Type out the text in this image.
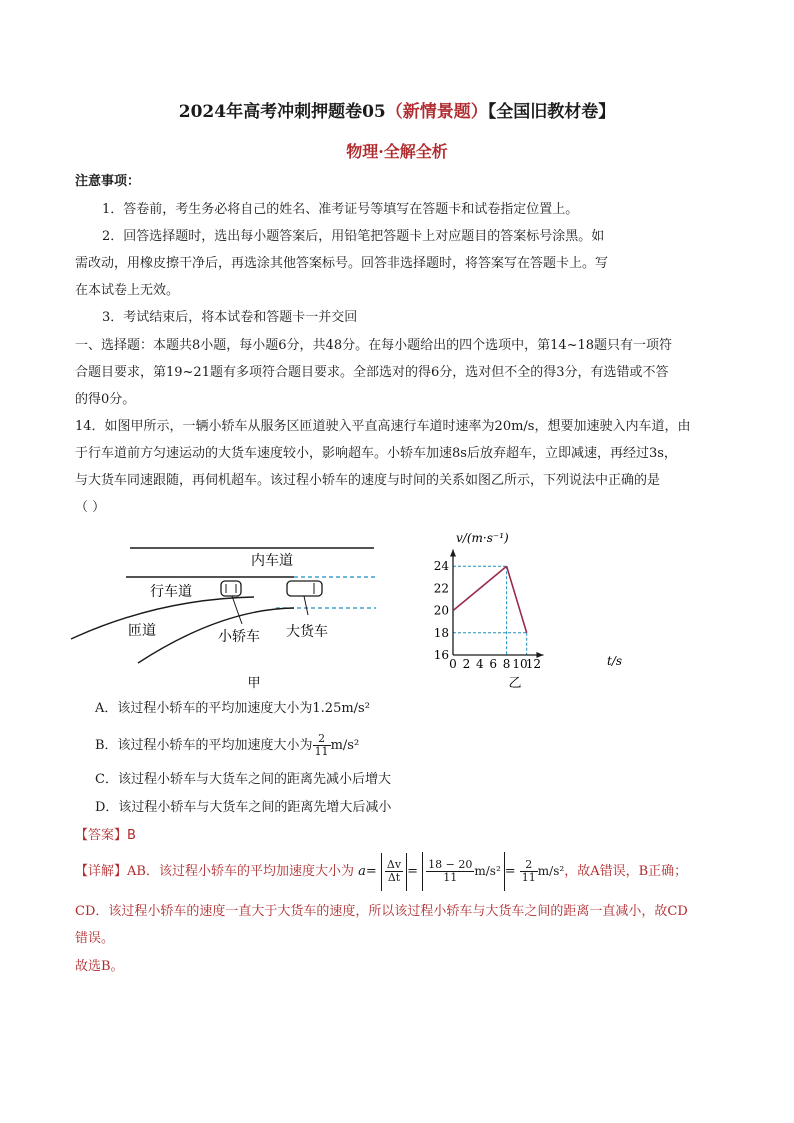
2024年高考冲刺押题卷05（新情景题）【全国旧教材卷】
物理·全解全析
注意事项：
1．答卷前，考生务必将自己的姓名、准考证号等填写在答题卡和试卷指定位置上。
2．回答选择题时，选出每小题答案后，用铅笔把答题卡上对应题目的答案标号涂黑。如
需改动，用橡皮擦干净后，再选涂其他答案标号。回答非选择题时，将答案写在答题卡上。写
在本试卷上无效。
3．考试结束后，将本试卷和答题卡一并交回
一、选择题：本题共8小题，每小题6分，共48分。在每小题给出的四个选项中，第14~18题只有一项符
合题目要求，第19~21题有多项符合题目要求。全部选对的得6分，选对但不全的得3分，有选错或不答
的得0分。
14．如图甲所示，一辆小轿车从服务区匝道驶入平直高速行车道时速率为20m/s，想要加速驶入内车道，由
于行车道前方匀速运动的大货车速度较小，影响超车。小轿车加速8s后放弃超车，立即减速，再经过3s，
与大货车同速跟随，再伺机超车。该过程小轿车的速度与时间的关系如图乙所示，下列说法中正确的是
（ ）
内车道
行车道
匝道	小轿车 大货车
甲
0 2 4 6 8 10
12
16
18
20
22
24
v/(m·s⁻¹)
t/s
乙
A．该过程小轿车的平均加速度大小为1.25m/s²
B．该过程小轿车的平均加速度大小为 $\frac{2}{11} m/s^2$
C．该过程小轿车与大货车之间的距离先减小后增大
D．该过程小轿车与大货车之间的距离先增大后减小
【答案】B
【详解】AB．该过程小轿车的平均加速度大小为 $a= \frac{\Delta v}{\Delta t} = \frac{18 - 20}{11} m/s^2 = \frac{2}{11} m/s^2$，故A错误，B正确；
CD．该过程小轿车的速度一直大于大货车的速度，所以该过程小轿车与大货车之间的距离一直减小，故CD
错误。
故选B。
